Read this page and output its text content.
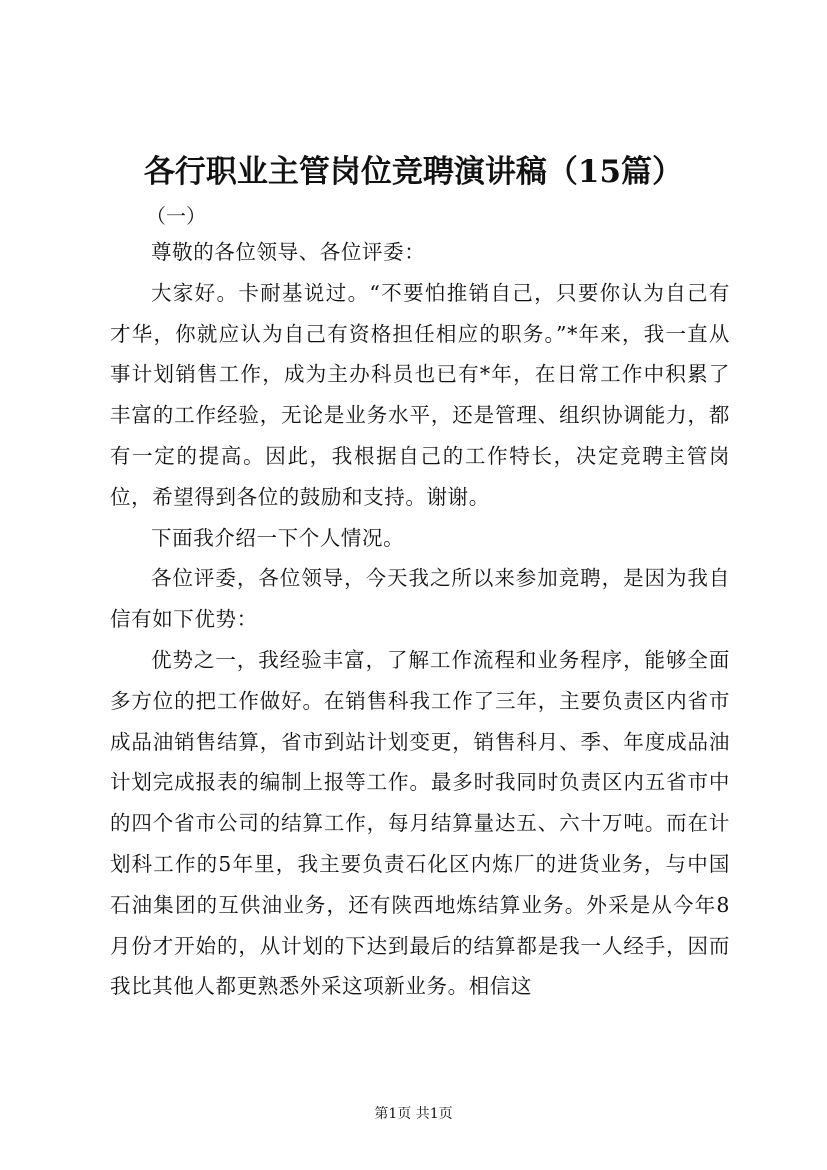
各行职业主管岗位竞聘演讲稿（15篇）
（一）

尊敬的各位领导、各位评委：

大家好。卡耐基说过。“不要怕推销自己，只要你认为自己有才华，你就应认为自己有资格担任相应的职务。”*年来，我一直从事计划销售工作，成为主办科员也已有*年，在日常工作中积累了丰富的工作经验，无论是业务水平，还是管理、组织协调能力，都有一定的提高。因此，我根据自己的工作特长，决定竞聘主管岗位，希望得到各位的鼓励和支持。谢谢。

下面我介绍一下个人情况。

各位评委，各位领导，今天我之所以来参加竞聘，是因为我自信有如下优势：

优势之一，我经验丰富，了解工作流程和业务程序，能够全面多方位的把工作做好。在销售科我工作了三年，主要负责区内省市成品油销售结算，省市到站计划变更，销售科月、季、年度成品油计划完成报表的编制上报等工作。最多时我同时负责区内五省市中的四个省市公司的结算工作，每月结算量达五、六十万吨。而在计划科工作的5年里，我主要负责石化区内炼厂的进货业务，与中国石油集团的互供油业务，还有陕西地炼结算业务。外采是从今年8月份才开始的，从计划的下达到最后的结算都是我一人经手，因而我比其他人都更熟悉外采这项新业务。相信这

第1页 共1页
